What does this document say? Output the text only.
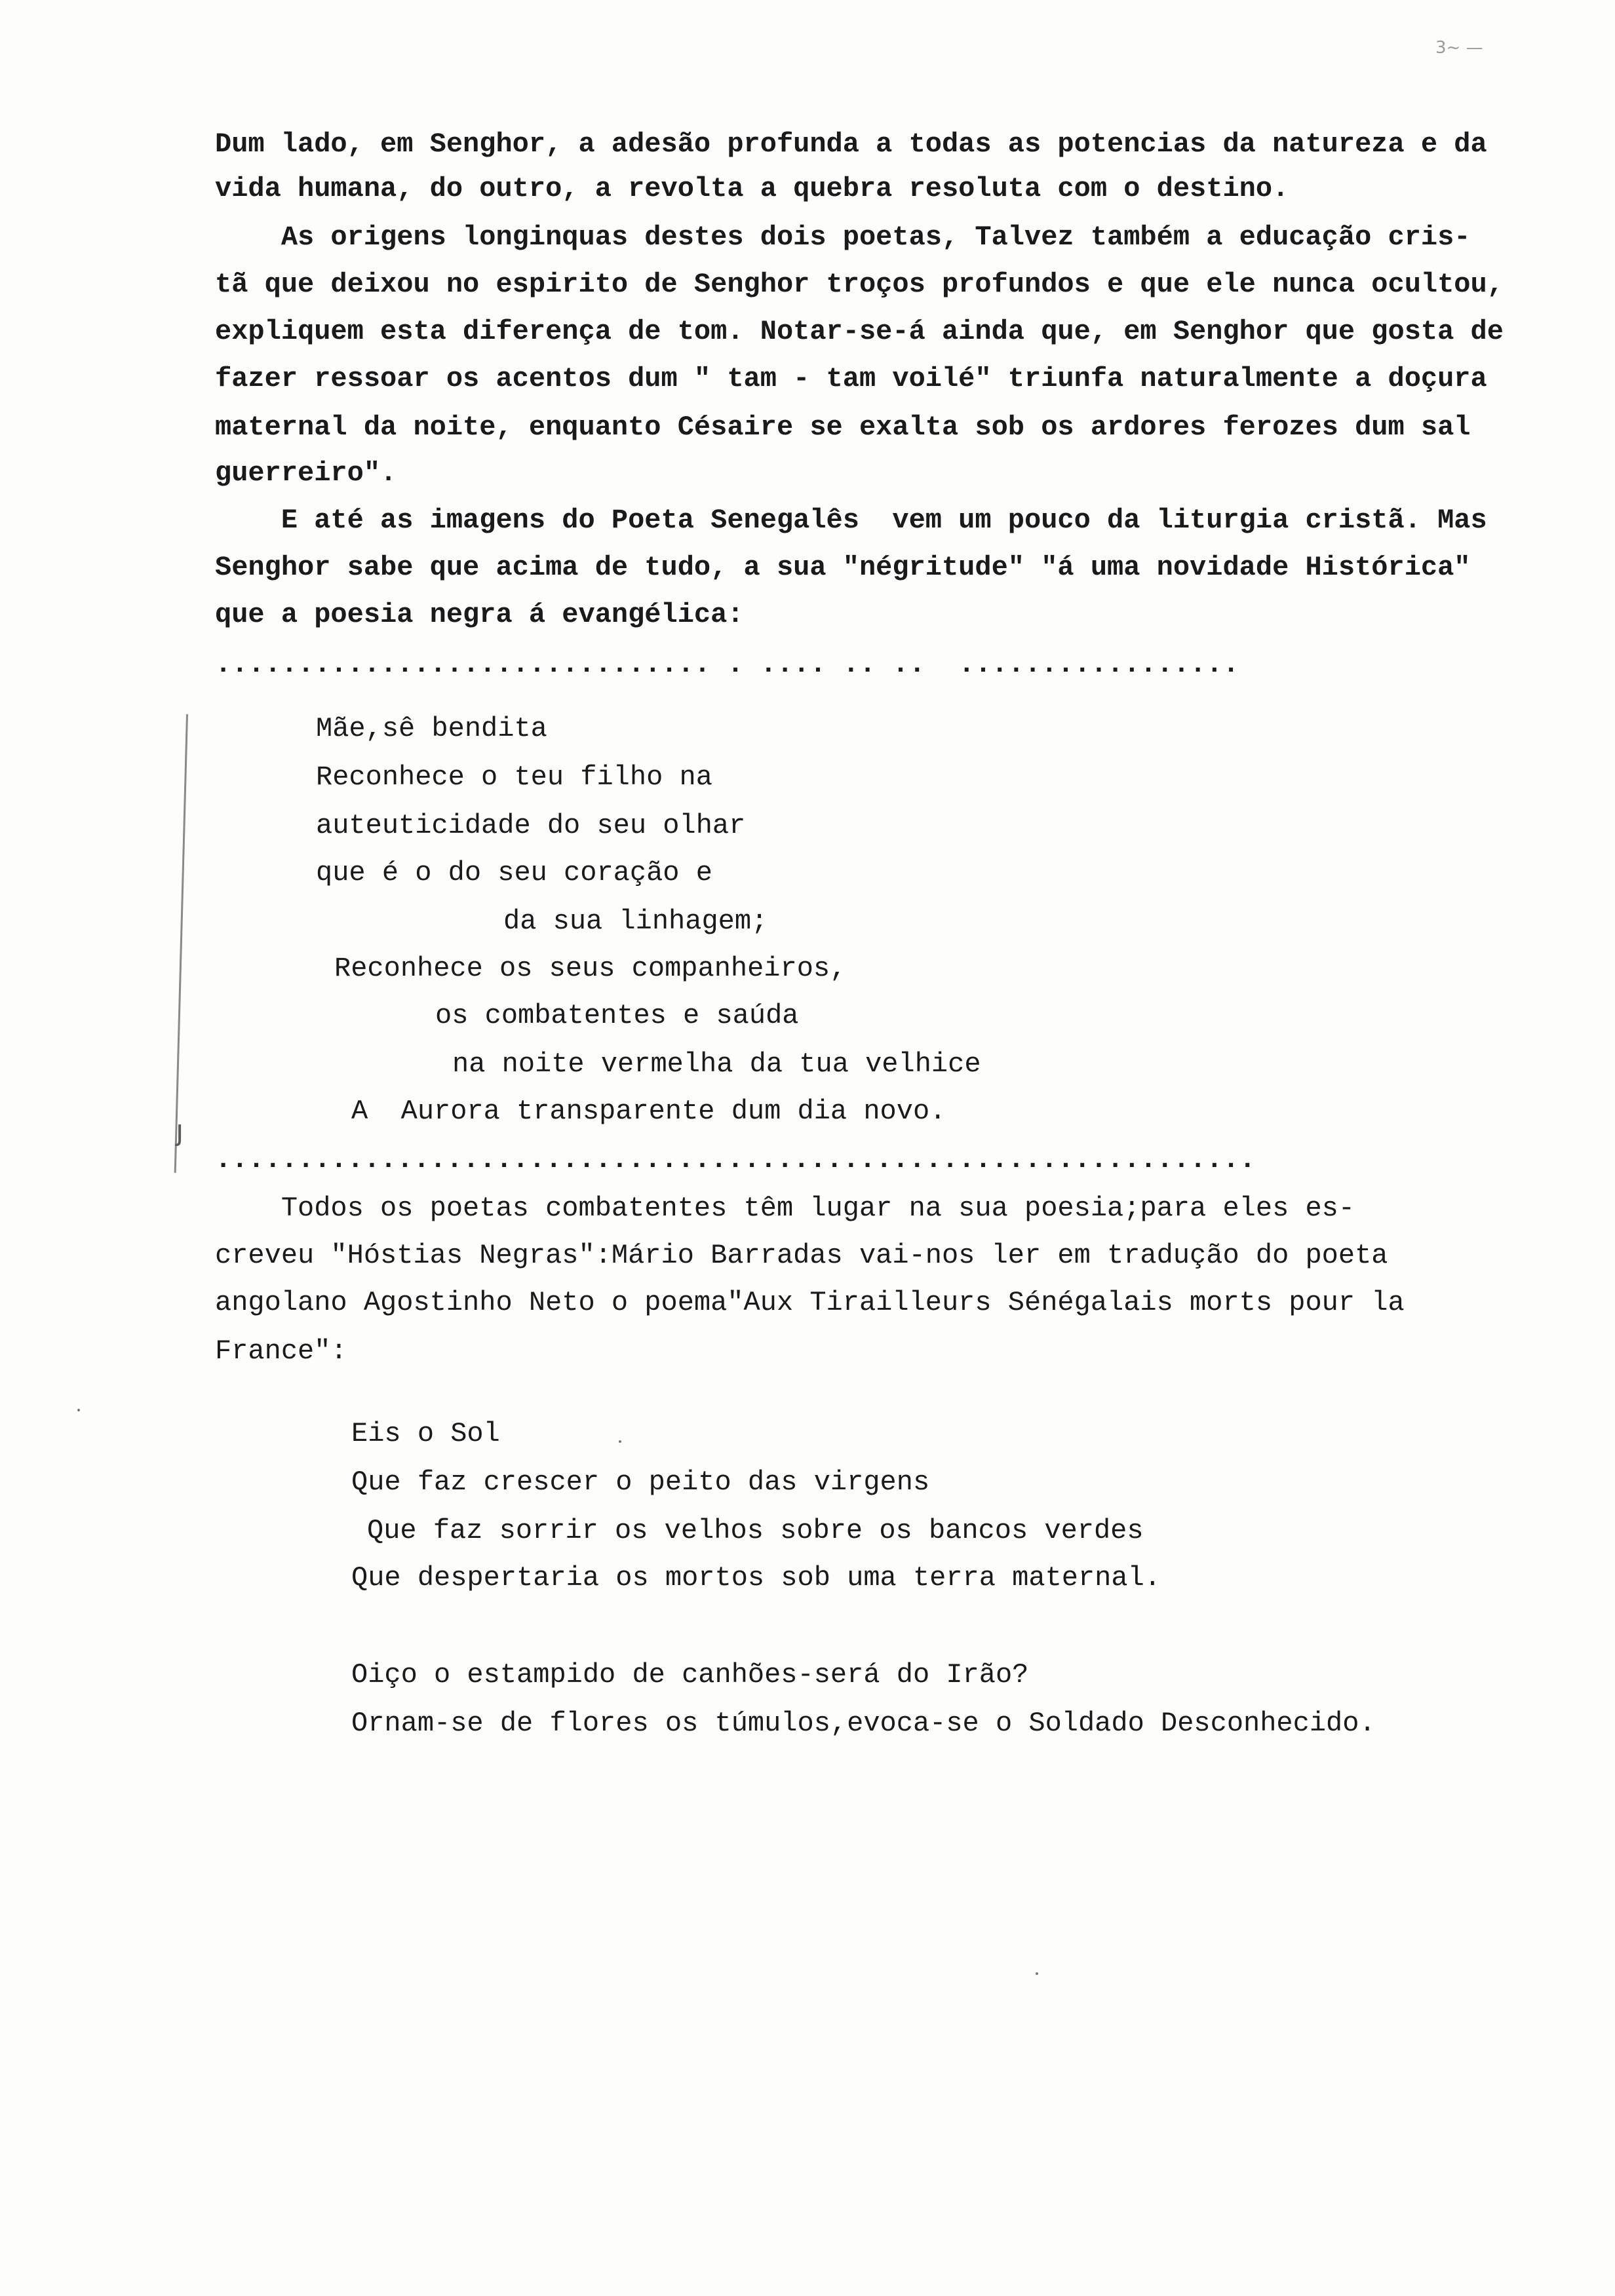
3~ —
Dum lado, em Senghor, a adesão profunda a todas as potencias da natureza e da
vida humana, do outro, a revolta a quebra resoluta com o destino.
As origens longinquas destes dois poetas, Talvez também a educação cris-
tã que deixou no espirito de Senghor troços profundos e que ele nunca ocultou,
expliquem esta diferença de tom. Notar-se-á ainda que, em Senghor que gosta de
fazer ressoar os acentos dum " tam - tam voilé" triunfa naturalmente a doçura
maternal da noite, enquanto Césaire se exalta sob os ardores ferozes dum sal
guerreiro".
E até as imagens do Poeta Senegalês  vem um pouco da liturgia cristã. Mas
Senghor sabe que acima de tudo, a sua "négritude" "á uma novidade Histórica"
que a poesia negra á evangélica:
.............................. . .... .. ..  .................
ȷ
Mãe,sê bendita
Reconhece o teu filho na
auteuticidade do seu olhar
que é o do seu coração e
da sua linhagem;
Reconhece os seus companheiros,
os combatentes e saúda
na noite vermelha da tua velhice
A  Aurora transparente dum dia novo.
...............................................................
Todos os poetas combatentes têm lugar na sua poesia;para eles es-
creveu "Hóstias Negras":Mário Barradas vai-nos ler em tradução do poeta
angolano Agostinho Neto o poema"Aux Tirailleurs Sénégalais morts pour la
France":
Eis o Sol
Que faz crescer o peito das virgens
Que faz sorrir os velhos sobre os bancos verdes
Que despertaria os mortos sob uma terra maternal.
Oiço o estampido de canhões-será do Irão?
Ornam-se de flores os túmulos,evoca-se o Soldado Desconhecido.
